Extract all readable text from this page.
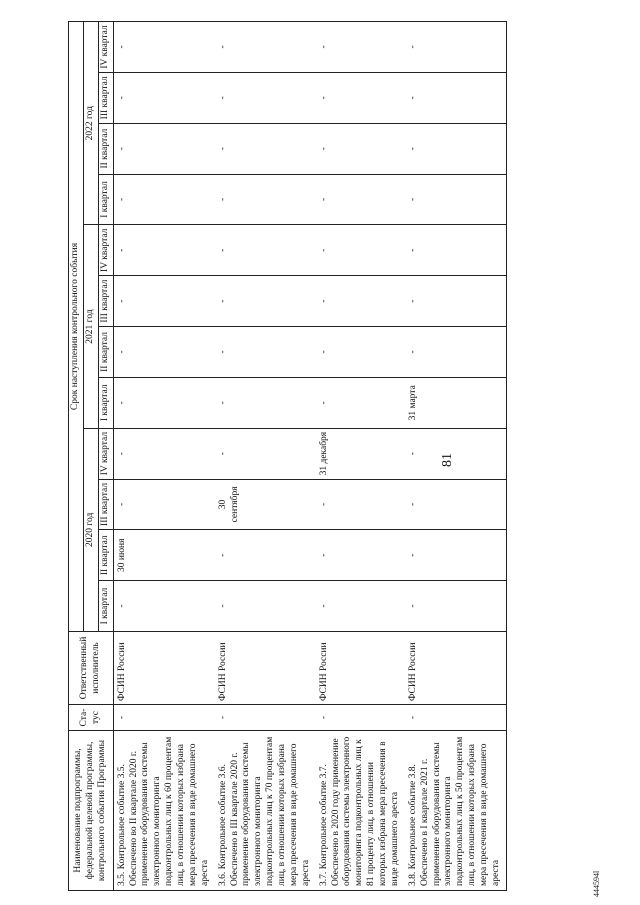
81
Наименование подпрограммы, федеральной целевой программы, контрольного события Программы	Ста-тус	Ответственный исполнитель	Срок наступления контрольного события											
			2020 год				2021 год				2022 год			
			I квартал	II квартал	III квартал	IV квартал	I квартал	II квартал	III квартал	IV квартал	I квартал	II квартал	III квартал	IV квартал
3.5. Контрольное событие 3.5. Обеспечено во II квартале 2020 г. применение оборудования системы электронного мониторинга подконтрольных лиц к 60 процентам лиц, в отношении которых избрана мера пресечения в виде домашнего ареста	-	ФСИН России	-	30 июня	-	-	-	-	-	-	-	-	-	-
3.6. Контрольное событие 3.6. Обеспечено в III квартале 2020 г. применение оборудования системы электронного мониторинга подконтрольных лиц к 70 процентам лиц, в отношении которых избрана мера пресечения в виде домашнего ареста	-	ФСИН России	-	-	30 сентября	-	-	-	-	-	-	-	-	-
3.7. Контрольное событие 3.7. Обеспечено в 2020 году применение оборудования системы электронного мониторинга подконтрольных лиц к 81 проценту лиц, в отношении которых избрана мера пресечения в виде домашнего ареста	-	ФСИН России	-	-	-	31 декабря	-	-	-	-	-	-	-	-
3.8. Контрольное событие 3.8. Обеспечено в I квартале 2021 г. применение оборудования системы электронного мониторинга подконтрольных лиц к 50 процентам лиц, в отношении которых избрана мера пресечения в виде домашнего ареста	-	ФСИН России	-	-	-	-	31 марта	-	-	-	-	-	-	-
444594l
